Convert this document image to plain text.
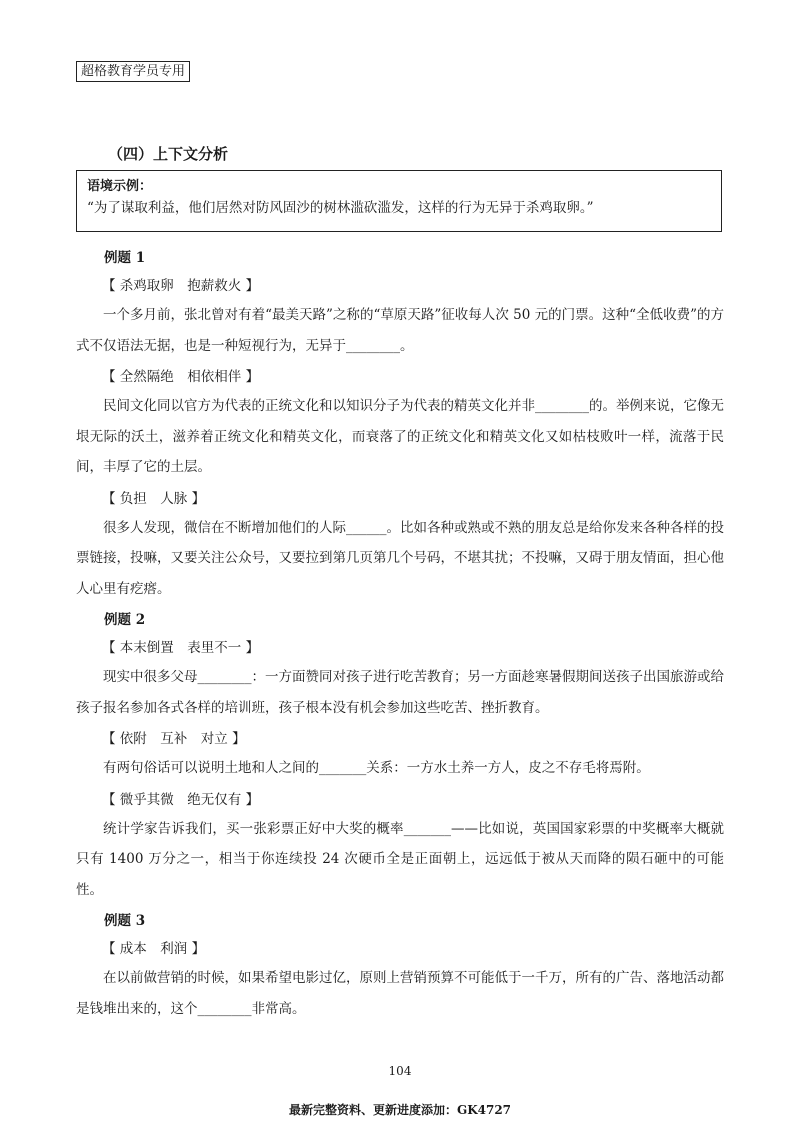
超格教育学员专用
（四）上下文分析
语境示例：
“为了谋取利益，他们居然对防风固沙的树林滥砍滥发，这样的行为无异于杀鸡取卵。”
例题 1
【 杀鸡取卵　抱薪救火 】
一个多月前，张北曾对有着“最美天路”之称的“草原天路”征收每人次 50 元的门票。这种“全低收费”的方式不仅语法无据，也是一种短视行为，无异于________。
【 全然隔绝　相依相伴 】
民间文化同以官方为代表的正统文化和以知识分子为代表的精英文化并非________的。举例来说，它像无垠无际的沃土，滋养着正统文化和精英文化，而衰落了的正统文化和精英文化又如枯枝败叶一样，流落于民间，丰厚了它的土层。
【 负担　人脉 】
很多人发现，微信在不断增加他们的人际______。比如各种或熟或不熟的朋友总是给你发来各种各样的投票链接，投嘛，又要关注公众号，又要拉到第几页第几个号码，不堪其扰；不投嘛，又碍于朋友情面，担心他人心里有疙瘩。
例题 2
【 本末倒置　表里不一 】
现实中很多父母________：一方面赞同对孩子进行吃苦教育；另一方面趁寒暑假期间送孩子出国旅游或给孩子报名参加各式各样的培训班，孩子根本没有机会参加这些吃苦、挫折教育。
【 依附　互补　对立 】
有两句俗话可以说明土地和人之间的_______关系：一方水土养一方人，皮之不存毛将焉附。
【 微乎其微　绝无仅有 】
统计学家告诉我们，买一张彩票正好中大奖的概率_______——比如说，英国国家彩票的中奖概率大概就只有 1400 万分之一，相当于你连续投 24 次硬币全是正面朝上，远远低于被从天而降的陨石砸中的可能性。
例题 3
【 成本　利润 】
在以前做营销的时候，如果希望电影过亿，原则上营销预算不可能低于一千万，所有的广告、落地活动都是钱堆出来的，这个________非常高。
104
最新完整资料、更新进度添加：GK4727
